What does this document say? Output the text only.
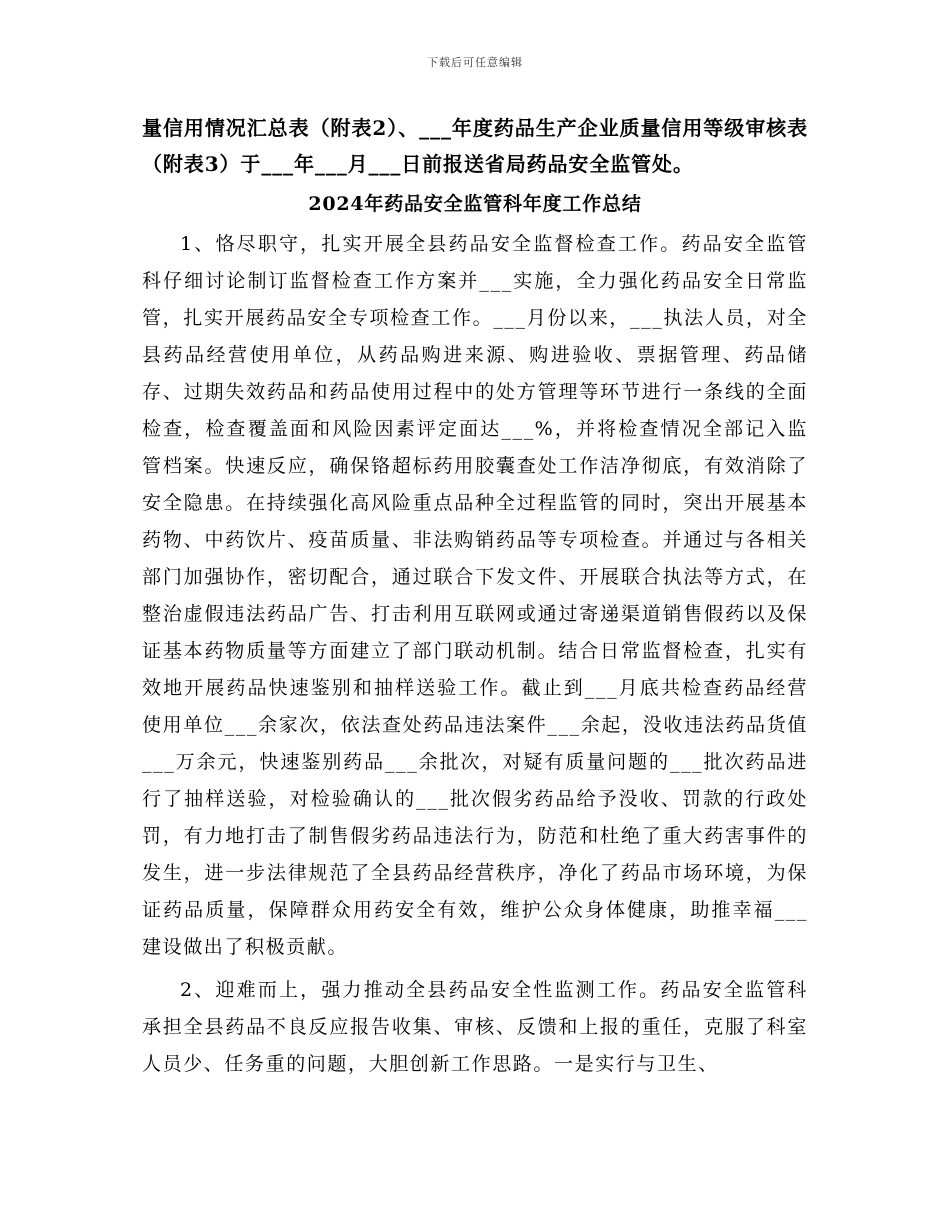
下载后可任意编辑

量信用情况汇总表（附表2）、___年度药品生产企业质量信用等级审核表（附表3）于___年___月___日前报送省局药品安全监管处。

2024年药品安全监管科年度工作总结

1、恪尽职守，扎实开展全县药品安全监督检查工作。药品安全监管科仔细讨论制订监督检查工作方案并___实施，全力强化药品安全日常监管，扎实开展药品安全专项检查工作。___月份以来，___执法人员，对全县药品经营使用单位，从药品购进来源、购进验收、票据管理、药品储存、过期失效药品和药品使用过程中的处方管理等环节进行一条线的全面检查，检查覆盖面和风险因素评定面达___%，并将检查情况全部记入监管档案。快速反应，确保铬超标药用胶囊查处工作洁净彻底，有效消除了安全隐患。在持续强化高风险重点品种全过程监管的同时，突出开展基本药物、中药饮片、疫苗质量、非法购销药品等专项检查。并通过与各相关部门加强协作，密切配合，通过联合下发文件、开展联合执法等方式，在整治虚假违法药品广告、打击利用互联网或通过寄递渠道销售假药以及保证基本药物质量等方面建立了部门联动机制。结合日常监督检查，扎实有效地开展药品快速鉴别和抽样送验工作。截止到___月底共检查药品经营使用单位___余家次，依法查处药品违法案件___余起，没收违法药品货值___万余元，快速鉴别药品___余批次，对疑有质量问题的___批次药品进行了抽样送验，对检验确认的___批次假劣药品给予没收、罚款的行政处罚，有力地打击了制售假劣药品违法行为，防范和杜绝了重大药害事件的发生，进一步法律规范了全县药品经营秩序，净化了药品市场环境，为保证药品质量，保障群众用药安全有效，维护公众身体健康，助推幸福___建设做出了积极贡献。

2、迎难而上，强力推动全县药品安全性监测工作。药品安全监管科承担全县药品不良反应报告收集、审核、反馈和上报的重任，克服了科室人员少、任务重的问题，大胆创新工作思路。一是实行与卫生、
